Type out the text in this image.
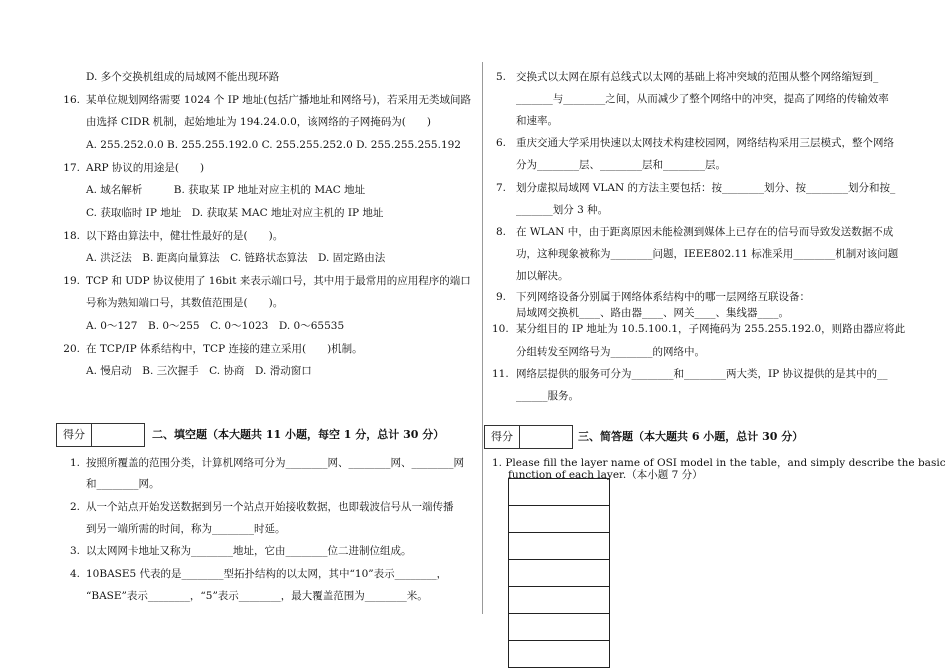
D. 多个交换机组成的局域网不能出现环路
16. 某单位规划网络需要 1024 个 IP 地址(包括广播地址和网络号)，若采用无类域间路
由选择 CIDR 机制，起始地址为 194.24.0.0，该网络的子网掩码为(　　)
A. 255.252.0.0 B. 255.255.192.0 C. 255.255.252.0 D. 255.255.255.192
17. ARP 协议的用途是(　　)
A. 域名解析　　　B. 获取某 IP 地址对应主机的 MAC 地址
C. 获取临时 IP 地址　D. 获取某 MAC 地址对应主机的 IP 地址
18. 以下路由算法中，健壮性最好的是(　　)。
A. 洪泛法　B. 距离向量算法　C. 链路状态算法　D. 固定路由法
19. TCP 和 UDP 协议使用了 16bit 来表示端口号，其中用于最常用的应用程序的端口
号称为熟知端口号，其数值范围是(　　)。
A. 0～127　B. 0～255　C. 0～1023　D. 0～65535
20. 在 TCP/IP 体系结构中，TCP 连接的建立采用(　　)机制。
A. 慢启动　B. 三次握手　C. 协商　D. 滑动窗口
1. 按照所覆盖的范围分类，计算机网络可分为________网、________网、________网
和________网。
2. 从一个站点开始发送数据到另一个站点开始接收数据，也即载波信号从一端传播
到另一端所需的时间，称为________时延。
3. 以太网网卡地址又称为________地址，它由________位二进制位组成。
4. 10BASE5 代表的是________型拓扑结构的以太网，其中“10”表示________，
“BASE”表示________，“5”表示________，最大覆盖范围为________米。
5. 交换式以太网在原有总线式以太网的基础上将冲突域的范围从整个网络缩短到_
_______与________之间，从而减少了整个网络中的冲突，提高了网络的传输效率
和速率。
6. 重庆交通大学采用快速以太网技术构建校园网，网络结构采用三层模式，整个网络
分为________层、________层和________层。
7. 划分虚拟局域网 VLAN 的方法主要包括：按________划分、按________划分和按_
_______划分 3 种。
8. 在 WLAN 中，由于距离原因未能检测到媒体上已存在的信号而导致发送数据不成
功，这种现象被称为________问题，IEEE802.11 标准采用________机制对该问题
加以解决。
9. 下列网络设备分别属于网络体系结构中的哪一层网络互联设备：
局域网交换机____、路由器____、网关____、集线器____。
10. 某分组目的 IP 地址为 10.5.100.1，子网掩码为 255.255.192.0，则路由器应将此
分组转发至网络号为________的网络中。
11. 网络层提供的服务可分为________和________两大类，IP 协议提供的是其中的__
______服务。
得分	二、填空题（本大题共 11 小题，每空 1 分，总计 30 分）	得分	三、简答题（本大题共 6 小题，总计 30 分）
1. Please fill the layer name of OSI model in the table，and simply describe the basic
function of each layer.（本小题 7 分）
